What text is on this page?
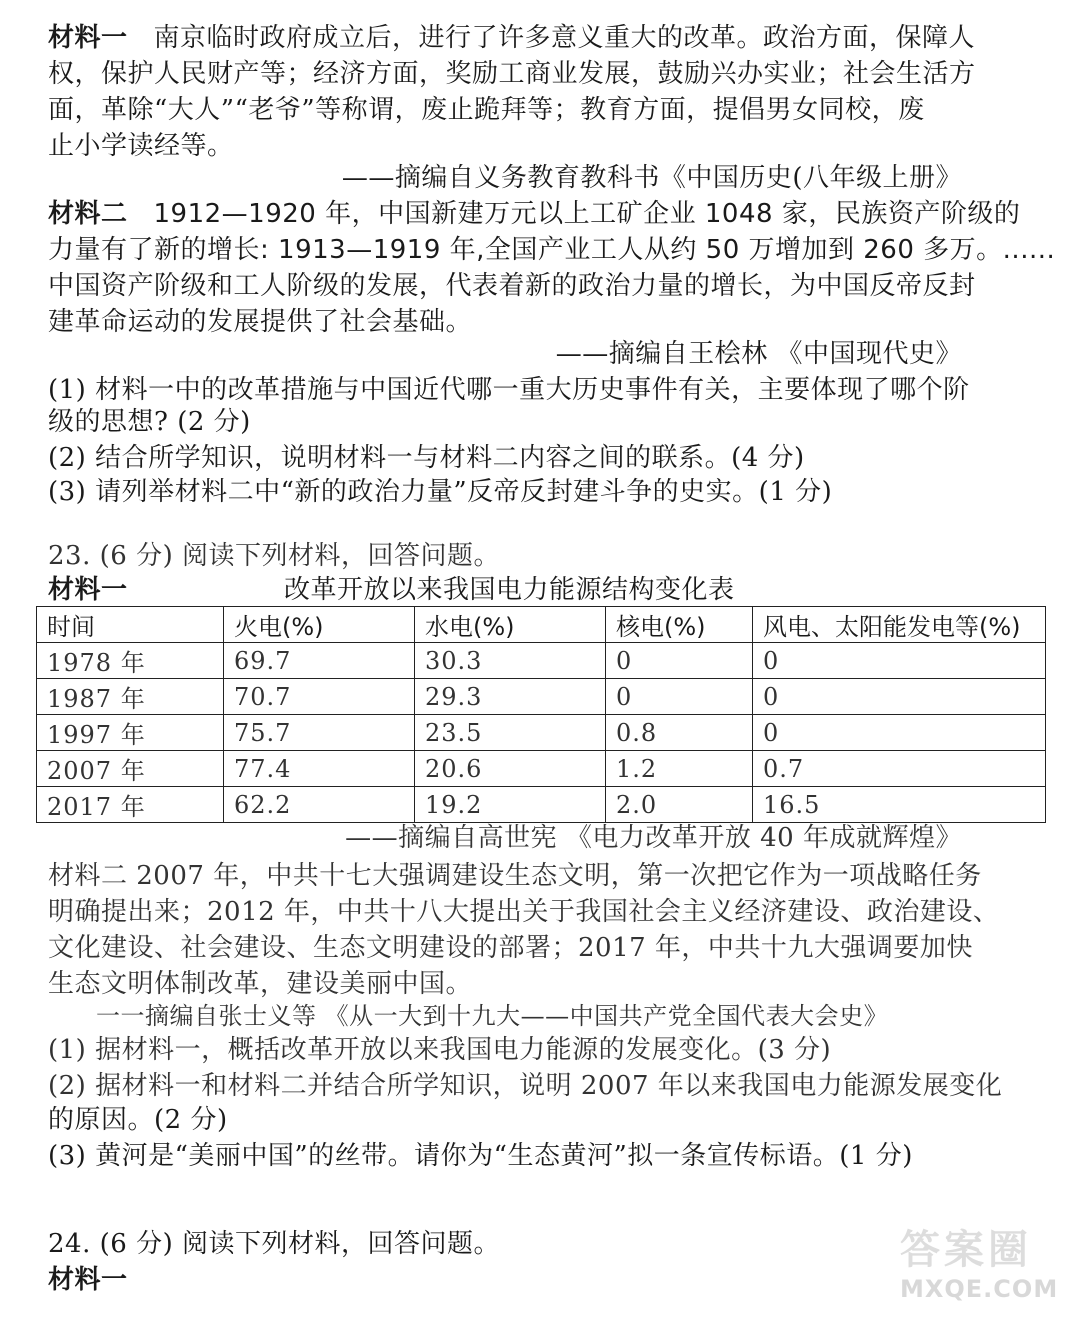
材料一 南京临时政府成立后，进行了许多意义重大的改革。政治方面，保障人
权，保护人民财产等；经济方面，奖励工商业发展，鼓励兴办实业；社会生活方
面，革除“大人”“老爷”等称谓，废止跪拜等；教育方面，提倡男女同校，废
止小学读经等。
——摘编自义务教育教科书《中国历史(八年级上册》
材料二 1912—1920 年，中国新建万元以上工矿企业 1048 家，民族资产阶级的
力量有了新的增长: 1913—1919 年,全国产业工人从约 50 万增加到 260 多万。......
中国资产阶级和工人阶级的发展，代表着新的政治力量的增长，为中国反帝反封
建革命运动的发展提供了社会基础。
——摘编自王桧林 《中国现代史》
(1) 材料一中的改革措施与中国近代哪一重大历史事件有关，主要体现了哪个阶
级的思想? (2 分)
(2) 结合所学知识，说明材料一与材料二内容之间的联系。(4 分)
(3) 请列举材料二中“新的政治力量”反帝反封建斗争的史实。(1 分)
23. (6 分) 阅读下列材料，回答问题。
材料一	改革开放以来我国电力能源结构变化表
时间	火电(%)	水电(%)	核电(%)	风电、太阳能发电等(%)
1978 年	69.7	30.3	0	0
1987 年	70.7	29.3	0	0
1997 年	75.7	23.5	0.8	0
2007 年	77.4	20.6	1.2	0.7
2017 年	62.2	19.2	2.0	16.5
——摘编自高世宪 《电力改革开放 40 年成就辉煌》
材料二 2007 年，中共十七大强调建设生态文明，第一次把它作为一项战略任务
明确提出来；2012 年，中共十八大提出关于我国社会主义经济建设、政治建设、
文化建设、社会建设、生态文明建设的部署；2017 年，中共十九大强调要加快
生态文明体制改革，建设美丽中国。
一一摘编自张士义等 《从一大到十九大——中国共产党全国代表大会史》
(1) 据材料一，概括改革开放以来我国电力能源的发展变化。(3 分)
(2) 据材料一和材料二并结合所学知识，说明 2007 年以来我国电力能源发展变化
的原因。(2 分)
(3) 黄河是“美丽中国”的丝带。请你为“生态黄河”拟一条宣传标语。(1 分)
24. (6 分) 阅读下列材料，回答问题。
材料一
答案圈
MXQE.COM
